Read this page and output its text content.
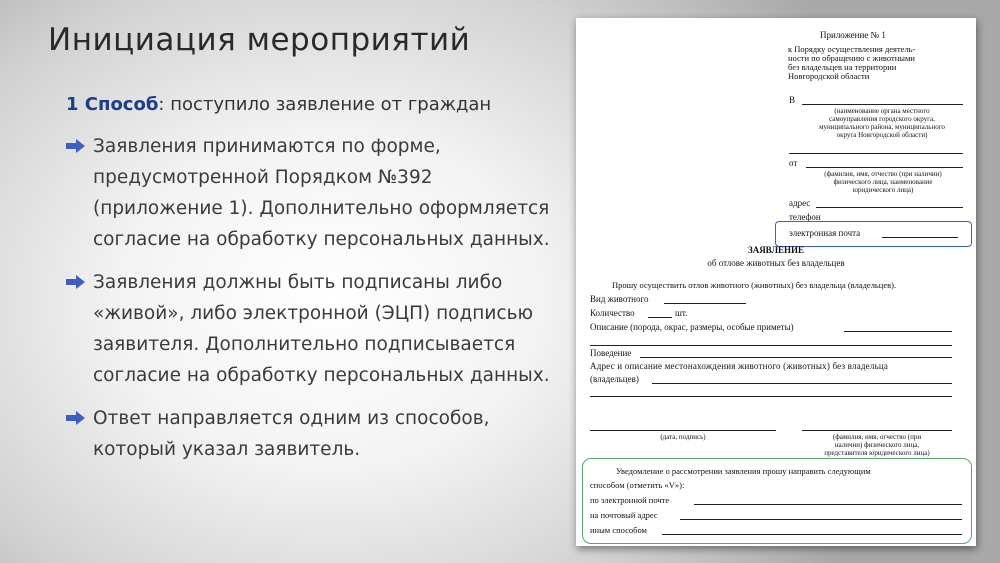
Инициация мероприятий
1 Способ: поступило заявление от граждан
Заявления принимаются по форме, предусмотренной Порядком №392 (приложение 1). Дополнительно оформляется согласие на обработку персональных данных.
Заявления должны быть подписаны либо «живой», либо электронной (ЭЦП) подписью заявителя. Дополнительно подписывается согласие на обработку персональных данных.
Ответ направляется одним из способов, который указал заявитель.
Приложение № 1
к Порядку осуществления деятель-
ности по обращению с животными
без владельцев на территории
Новгородской области
В
(наименование органа местного
самоуправления городского округа,
муниципального района, муниципального
округа Новгородской области)
от
(фамилия, имя, отчество (при наличии)
физического лица, наименование
юридического лица)
адрес
телефон
электронная почта
ЗАЯВЛЕНИЕ
об отлове животных без владельцев
Прошу осуществить отлов животного (животных) без владельца (владельцев).
Вид животного
Количество	шт.
Описание (порода, окрас, размеры, особые приметы)
Поведение
Адрес и описание местонахождения животного (животных) без владельца
(владельцев)
(дата, подпись)	(фамилия, имя, отчество (при
наличии) физического лица,
представителя юридического лица)
Уведомление о рассмотрении заявления прошу направить следующим
способом (отметить «V»):
по электронной почте
на почтовый адрес
иным способом
